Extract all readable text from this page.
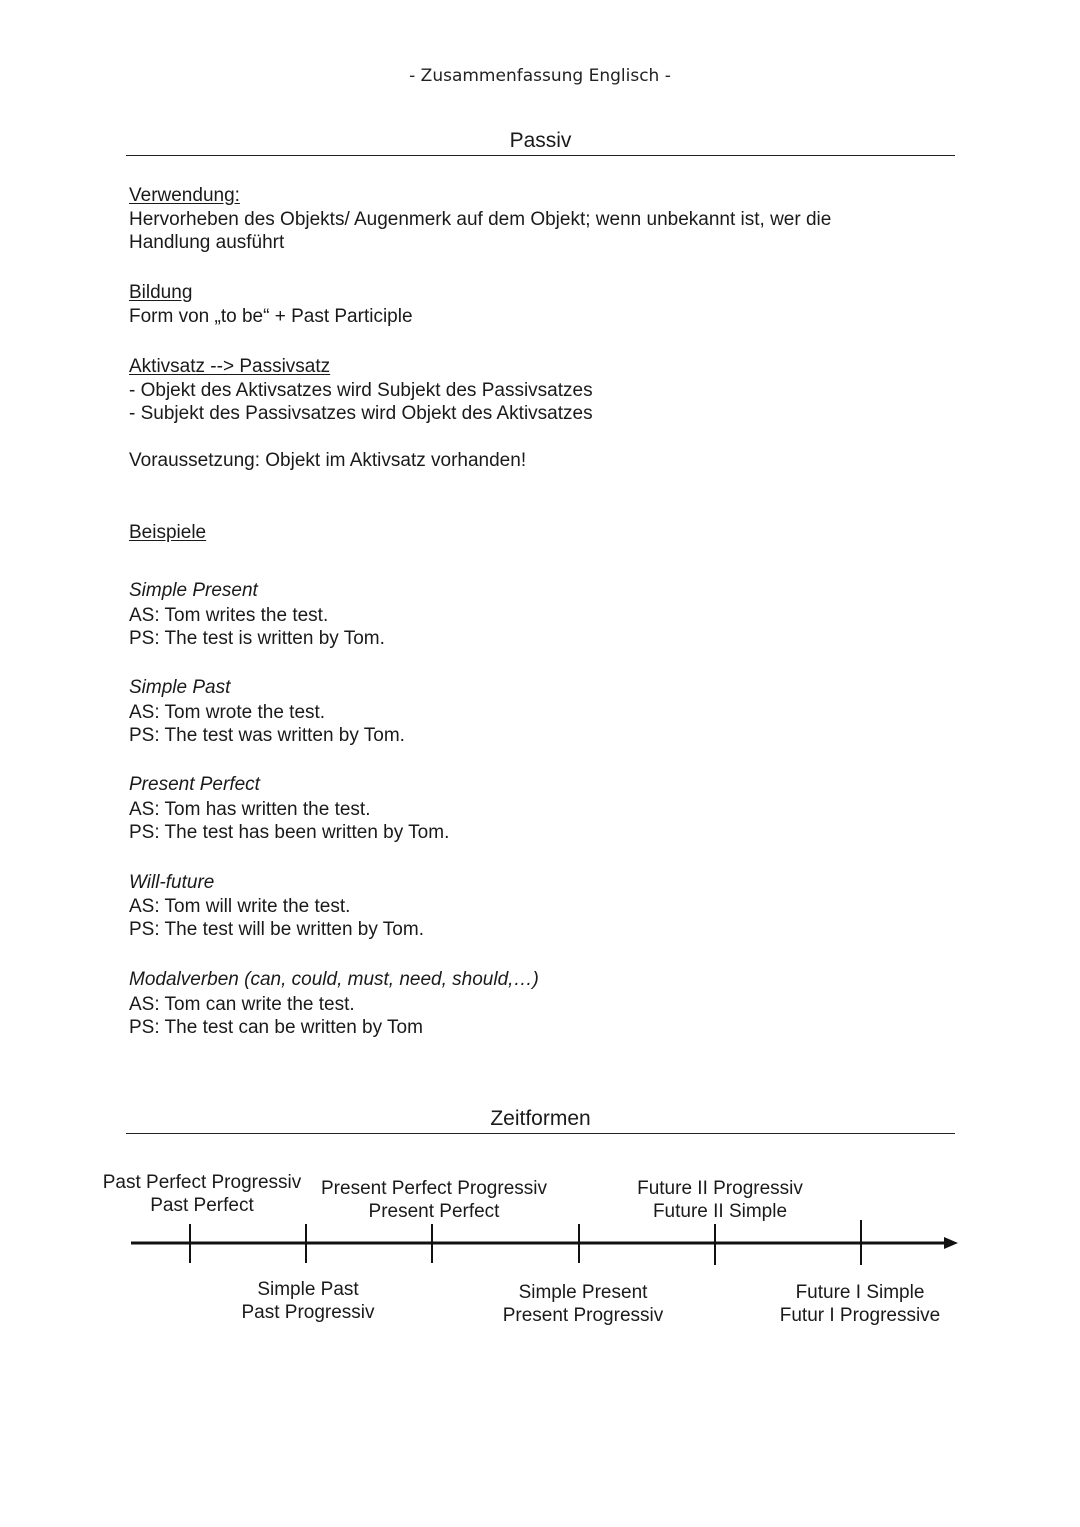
- Zusammenfassung Englisch -
Passiv
Verwendung:
Hervorheben des Objekts/ Augenmerk auf dem Objekt; wenn unbekannt ist, wer die
Handlung ausführt
Bildung
Form von „to be“ + Past Participle
Aktivsatz --> Passivsatz
- Objekt des Aktivsatzes wird Subjekt des Passivsatzes
- Subjekt des Passivsatzes wird Objekt des Aktivsatzes
Voraussetzung: Objekt im Aktivsatz vorhanden!
Beispiele
Simple Present
AS: Tom writes the test.
PS: The test is written by Tom.
Simple Past
AS: Tom wrote the test.
PS: The test was written by Tom.
Present Perfect
AS: Tom has written the test.
PS: The test has been written by Tom.
Will-future
AS: Tom will write the test.
PS: The test will be written by Tom.
Modalverben (can, could, must, need, should,…)
AS: Tom can write the test.
PS: The test can be written by Tom
Zeitformen
Past Perfect Progressiv
Past Perfect
Present Perfect Progressiv
Present Perfect
Future II Progressiv
Future II Simple
Simple Past
Past Progressiv
Simple Present
Present Progressiv
Future I Simple
Futur I Progressive
